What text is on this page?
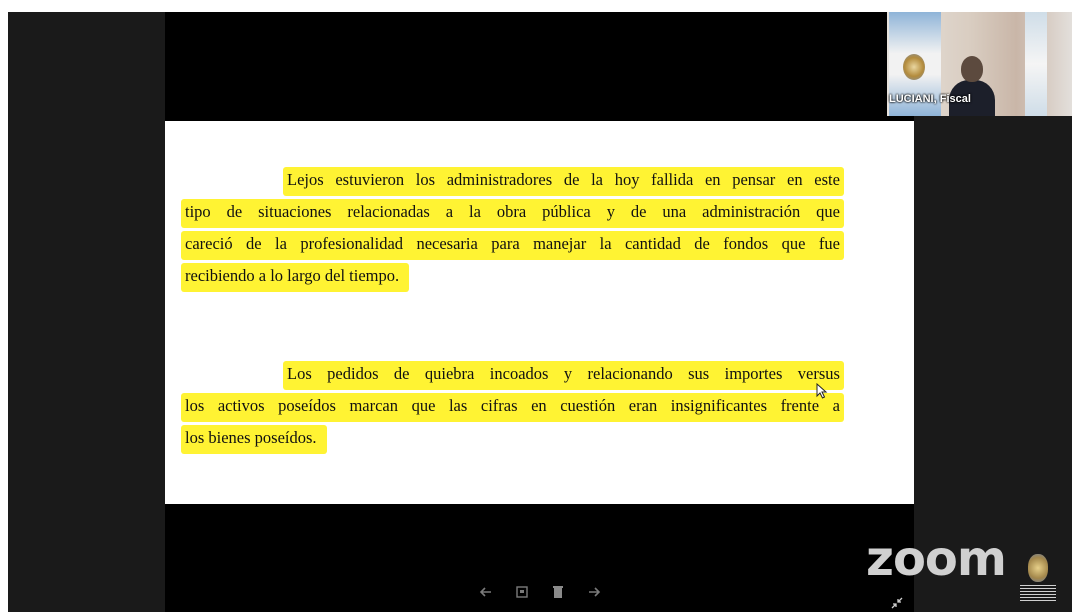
Lejos estuvieron los administradores de la hoy fallida en pensar en este
tipo de situaciones relacionadas a la obra pública y de una administración que
careció de la profesionalidad necesaria para manejar la cantidad de fondos que fue
recibiendo a lo largo del tiempo.
Los pedidos de quiebra incoados y relacionando sus importes versus
los activos poseídos marcan que las cifras en cuestión eran insignificantes frente a
los bienes poseídos.
LUCIANI, Fiscal
zoom
